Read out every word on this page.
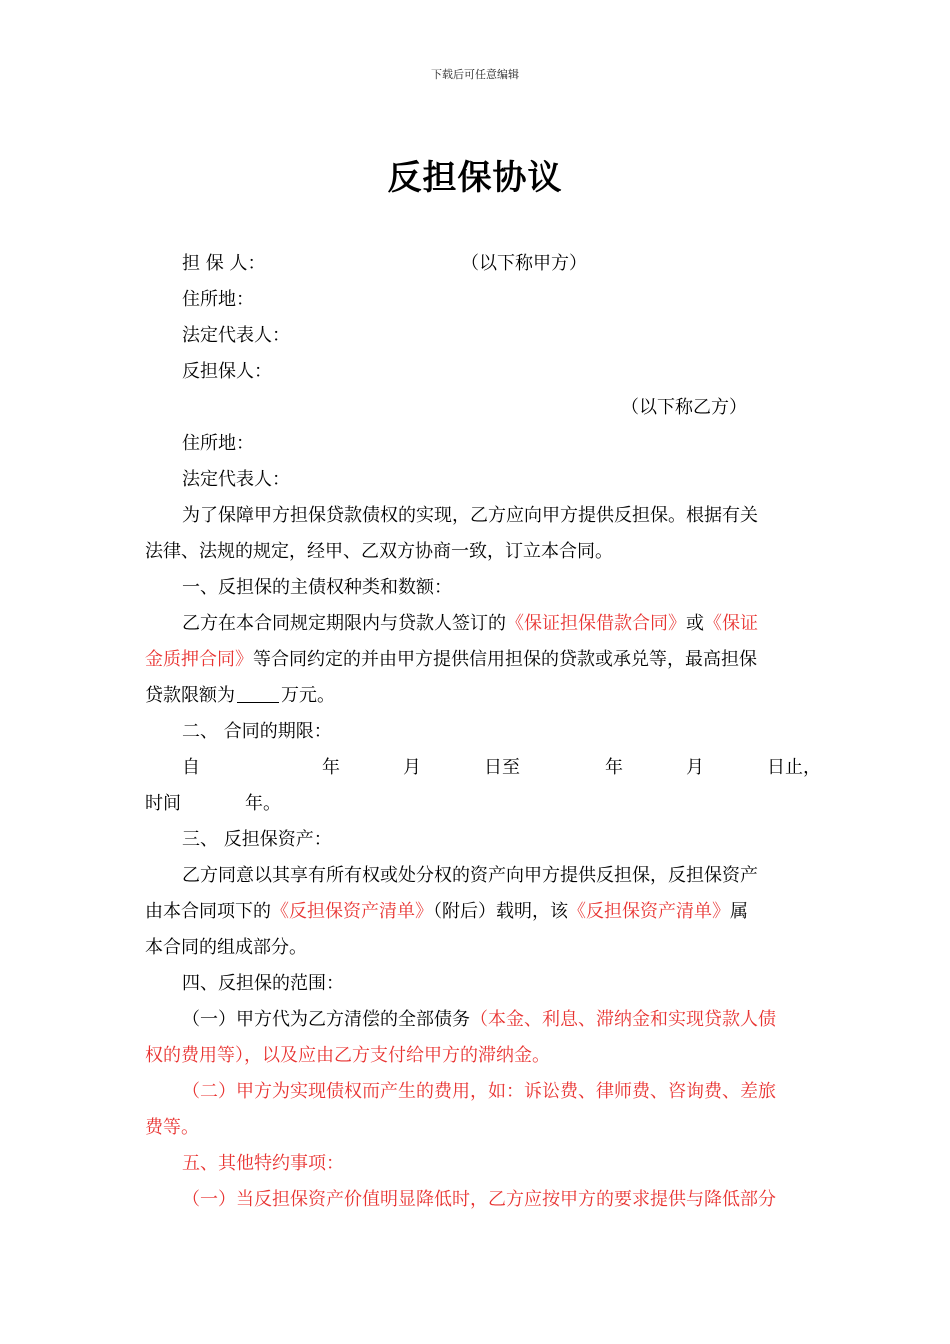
下载后可任意编辑
反担保协议
担 保 人：	（以下称甲方）
住所地：
法定代表人：
反担保人：
（以下称乙方）
住所地：
法定代表人：
为了保障甲方担保贷款债权的实现，乙方应向甲方提供反担保。根据有关
法律、法规的规定，经甲、乙双方协商一致，订立本合同。
一、反担保的主债权种类和数额：
乙方在本合同规定期限内与贷款人签订的《保证担保借款合同》或《保证
金质押合同》等合同约定的并由甲方提供信用担保的贷款或承兑等，最高担保
贷款限额为	万元。
二、 合同的期限：
自	年	月	日至	年	月	日止，
时间	年。
三、 反担保资产：
乙方同意以其享有所有权或处分权的资产向甲方提供反担保，反担保资产
由本合同项下的《反担保资产清单》（附后）载明，该《反担保资产清单》属
本合同的组成部分。
四、反担保的范围：
（一）甲方代为乙方清偿的全部债务（本金、利息、滞纳金和实现贷款人债
权的费用等），以及应由乙方支付给甲方的滞纳金。
（二）甲方为实现债权而产生的费用，如：诉讼费、律师费、咨询费、差旅
费等。
五、其他特约事项：
（一）当反担保资产价值明显降低时，乙方应按甲方的要求提供与降低部分
